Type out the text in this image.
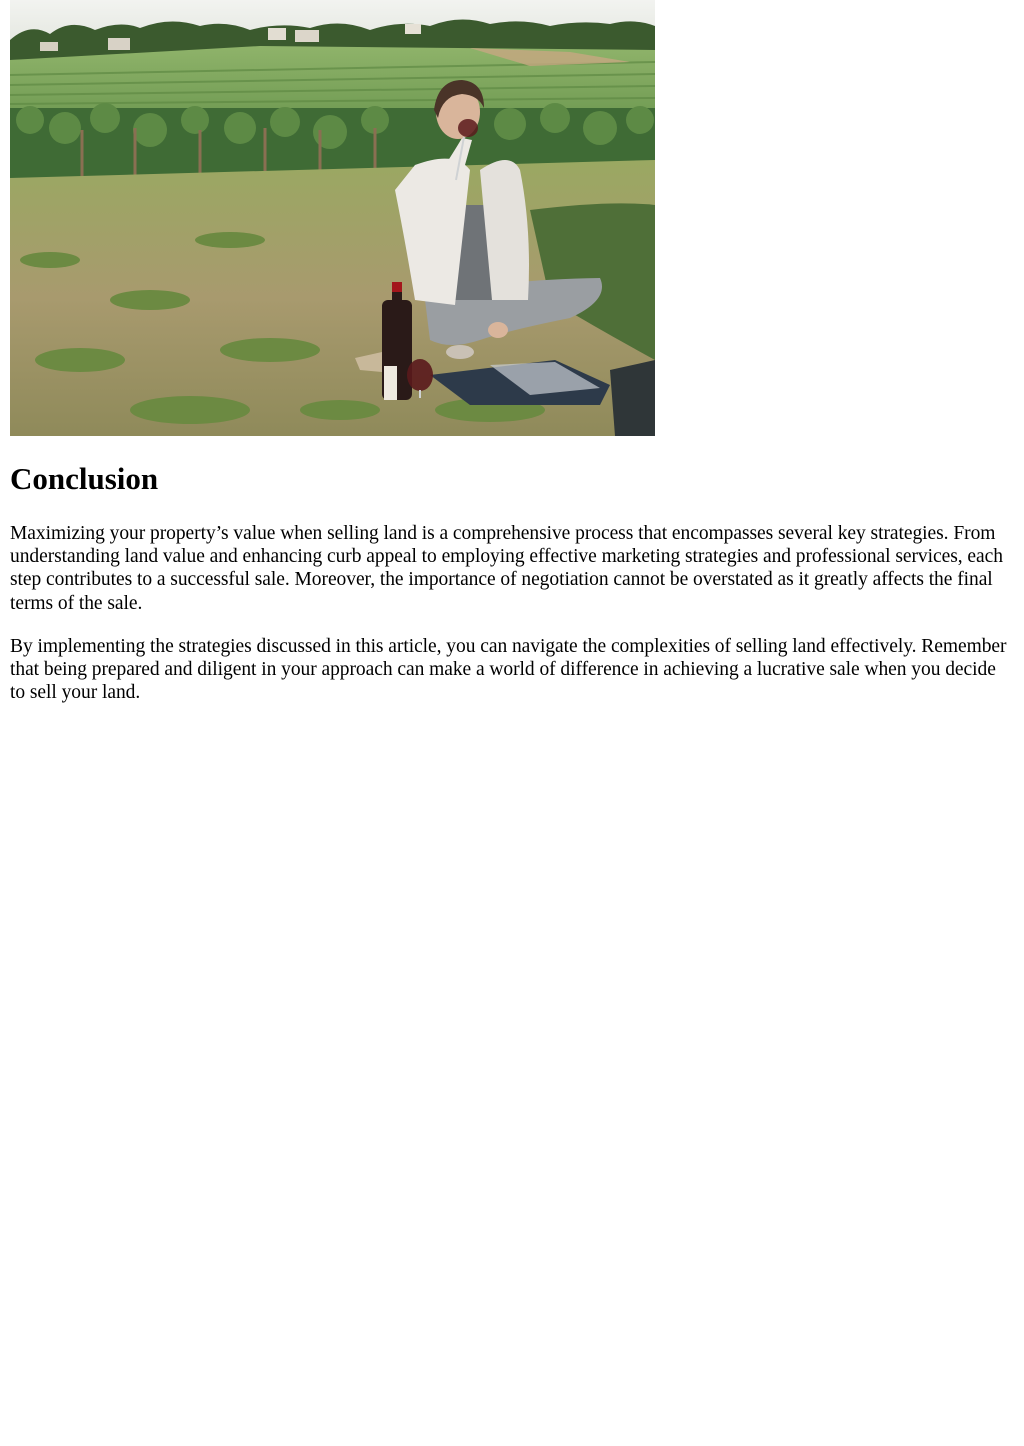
Conclusion

Maximizing your property’s value when selling land is a comprehensive process that encompasses several key strategies. From understanding land value and enhancing curb appeal to employing effective marketing strategies and professional services, each step contributes to a successful sale. Moreover, the importance of negotiation cannot be overstated as it greatly affects the final terms of the sale.

By implementing the strategies discussed in this article, you can navigate the complexities of selling land effectively. Remember that being prepared and diligent in your approach can make a world of difference in achieving a lucrative sale when you decide to sell your land.
